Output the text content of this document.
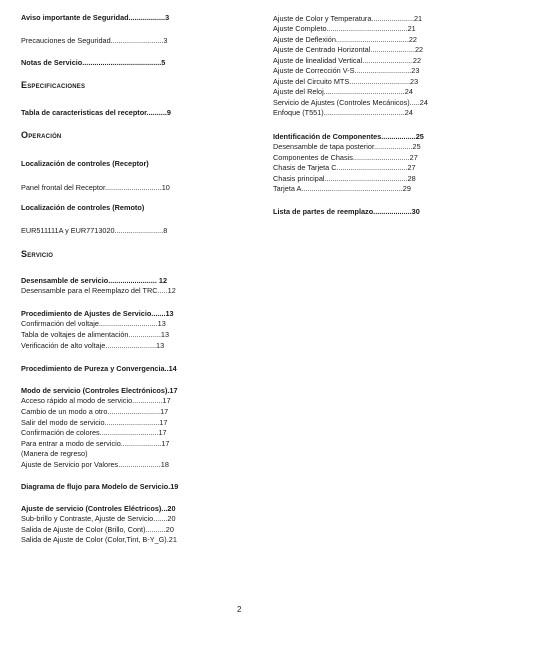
Aviso importante de Seguridad..................3
Precauciones de Seguridad..........................3
Notas de Servicio.......................................5
Especificaciones
Tabla de caracteristicas del receptor..........9
Operación
Localización de controles (Receptor)
Panel frontal del Receptor............................10
Localización de controles (Remoto)
EUR511111A y EUR7713020........................8
Servicio
Desensamble de servicio........................ 12
Desensamble para el Reemplazo del TRC.....12
Procedimiento de Ajustes de Servicio.......13
Confirmación del voltaje.............................13
Tabla de voltajes de alimentación................13
Verificación de alto voltaje.........................13
Procedimiento de Pureza y Convergencia..14
Modo de servicio (Controles Electrónicos).17
Acceso rápido al modo de servicio...............17
Cambio de un modo a otro..........................17
Salir del modo de servicio...........................17
Confirmación de colores.............................17
Para entrar a modo de servicio....................17
(Manera de regreso)
Ajuste de Servicio por Valores.....................18
Diagrama de flujo para Modelo de Servicio.19
Ajuste de servicio (Controles Eléctricos)...20
Sub-brillo y Contraste, Ajuste de Servicio.......20
Salida de Ajuste de Color (Brillo, Cont)..........20
Salida de Ajuste de Color (Color,Tint, B-Y_G).21
Ajuste de Color y Temperatura.....................21
Ajuste Completo........................................21
Ajuste de Deflexión....................................22
Ajuste de Centrado Horizontal......................22
Ajuste de linealidad Vertical.........................22
Ajuste de Corrección V-S............................23
Ajuste del Circuito MTS..............................23
Ajuste del Reloj........................................24
Servicio de Ajustes (Controles Mecánicos).....24
Enfoque (T551)........................................24
Identificación de Componentes.................25
Desensamble de tapa posterior...................25
Componentes de Chasis............................27
Chasis de Tarjeta C...................................27
Chasis principal.........................................28
Tarjeta A..................................................29
Lista de partes de reemplazo...................30
2
